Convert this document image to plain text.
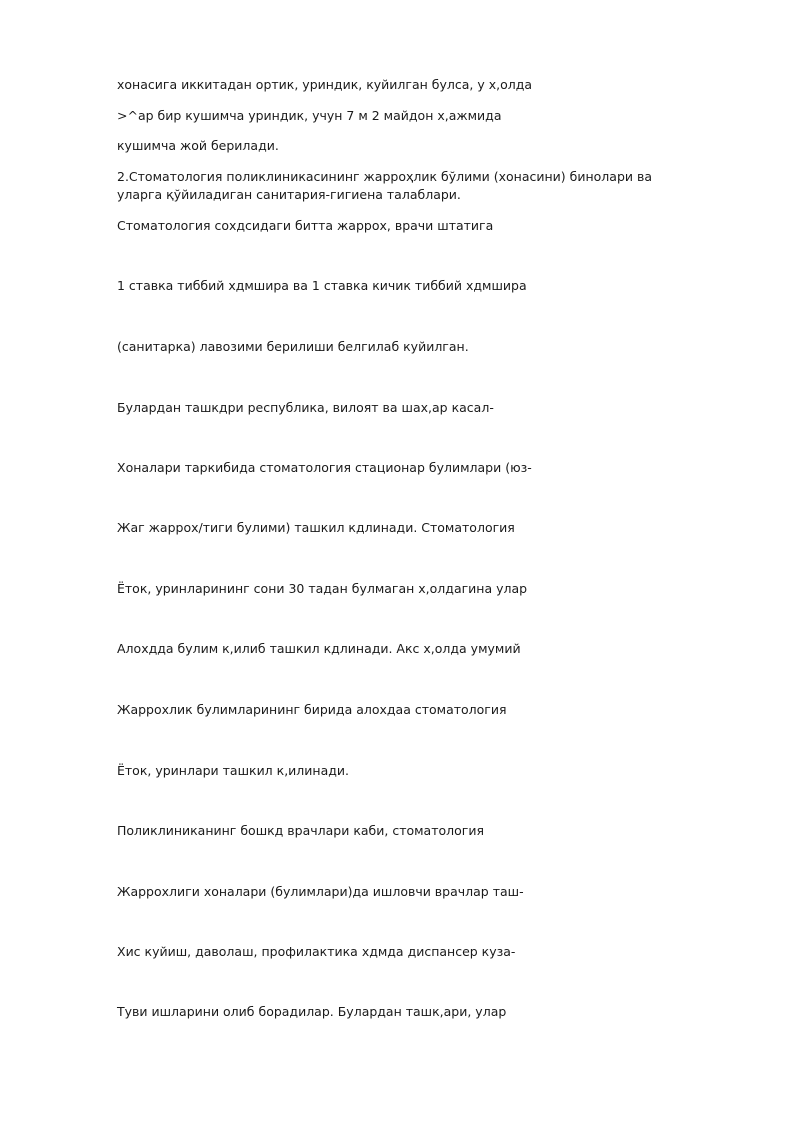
хонасига иккитадан ортик, уриндик, куйилган булса, у х,олда

>^ар бир кушимча уриндик, учун 7 м 2 майдон х,ажмида

кушимча жой берилади.

2.Стоматология поликлиникасининг жарроҳлик бўлими (хонасини) бинолари ва уларга қўйиладиган санитария-гигиена талаблари.

Стоматология сохдсидаги битта жаррох, врачи штатига

1 ставка тиббий хдмшира ва 1 ставка кичик тиббий хдмшира

(санитарка) лавозими берилиши белгилаб куйилган.

Булардан ташкдри республика, вилоят ва шах,ар касал-

Хоналари таркибида стоматология стационар булимлари (юз-

Жаг жаррох/тиги булими) ташкил кдлинади. Стоматология

Ёток, уринларининг сони 30 тадан булмаган х,олдагина улар

Алохдда булим к,илиб ташкил кдлинади. Акс х,олда умумий

Жаррохлик булимларининг бирида алохдаа стоматология

Ёток, уринлари ташкил к,илинади.

Поликлиниканинг бошкд врачлари каби, стоматология

Жаррохлиги хоналари (булимлари)да ишловчи врачлар таш-

Хис куйиш, даволаш, профилактика хдмда диспансер куза-

Туви ишларини олиб борадилар. Булардан ташк,ари, улар
